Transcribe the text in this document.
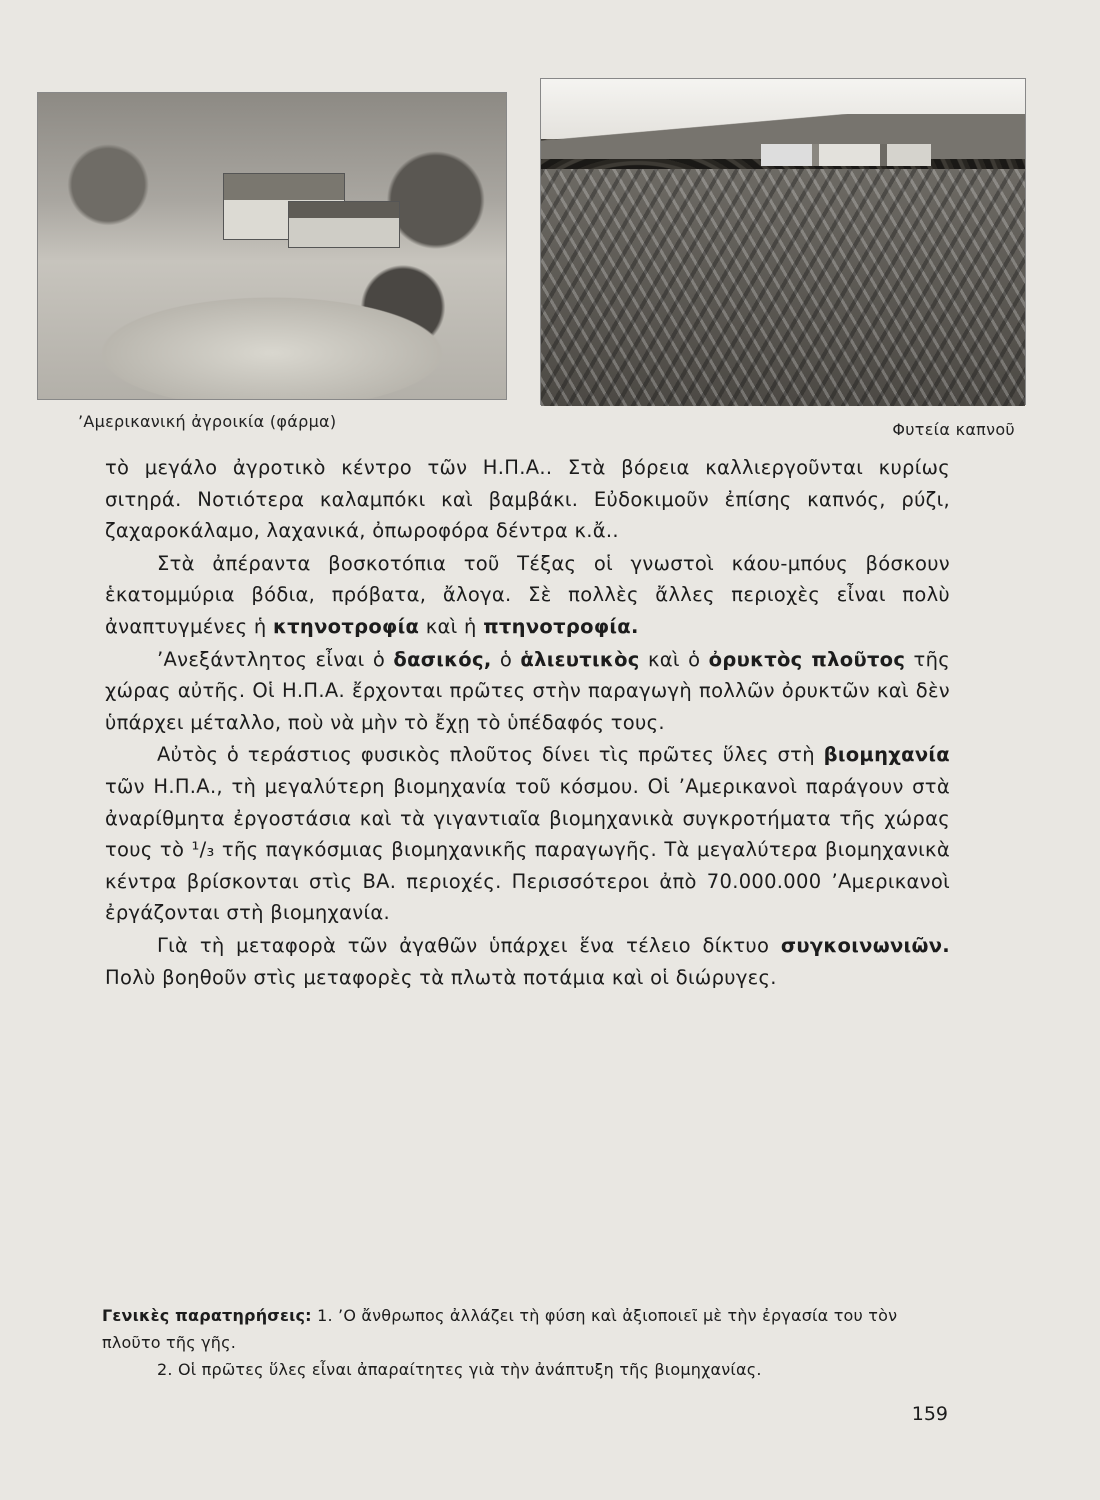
’Αμερικανική ἀγροικία (φάρμα)	Φυτεία καπνοῦ

τὸ μεγάλο ἀγροτικὸ κέντρο τῶν Η.Π.Α.. Στὰ βόρεια καλλιεργοῦνται κυρίως σιτηρά. Νοτιότερα καλαμπόκι καὶ βαμβάκι. Εὐδοκιμοῦν ἐπίσης καπνός, ρύζι, ζαχαροκάλαμο, λαχανικά, ὀπωροφόρα δέντρα κ.ἄ..

Στὰ ἀπέραντα βοσκοτόπια τοῦ Τέξας οἱ γνωστοὶ κάου-μπόυς βόσκουν ἑκατομμύρια βόδια, πρόβατα, ἄλογα. Σὲ πολλὲς ἄλλες περιοχὲς εἶναι πολὺ ἀναπτυγμένες ἡ κτηνοτροφία καὶ ἡ πτηνοτροφία.

’Ανεξάντλητος εἶναι ὁ δασικός, ὁ ἁλιευτικὸς καὶ ὁ ὀρυκτὸς πλοῦτος τῆς χώρας αὐτῆς. Οἱ Η.Π.Α. ἔρχονται πρῶτες στὴν παραγωγὴ πολλῶν ὀρυκτῶν καὶ δὲν ὑπάρχει μέταλλο, ποὺ νὰ μὴν τὸ ἔχῃ τὸ ὑπέδαφός τους.

Αὐτὸς ὁ τεράστιος φυσικὸς πλοῦτος δίνει τὶς πρῶτες ὕλες στὴ βιομηχανία τῶν Η.Π.Α., τὴ μεγαλύτερη βιομηχανία τοῦ κόσμου. Οἱ ’Αμερικανοὶ παράγουν στὰ ἀναρίθμητα ἐργοστάσια καὶ τὰ γιγαντιαῖα βιομηχανικὰ συγκροτήματα τῆς χώρας τους τὸ ¹/₃ τῆς παγκόσμιας βιομηχανικῆς παραγωγῆς. Τὰ μεγαλύτερα βιομηχανικὰ κέντρα βρίσκονται στὶς ΒΑ. περιοχές. Περισσότεροι ἀπὸ 70.000.000 ’Αμερικανοὶ ἐργάζονται στὴ βιομηχανία.

Γιὰ τὴ μεταφορὰ τῶν ἀγαθῶν ὑπάρχει ἕνα τέλειο δίκτυο συγκοινωνιῶν. Πολὺ βοηθοῦν στὶς μεταφορὲς τὰ πλωτὰ ποτάμια καὶ οἱ διώρυγες.

Γενικὲς παρατηρήσεις: 1. ’Ο ἄνθρωπος ἀλλάζει τὴ φύση καὶ ἀξιοποιεῖ μὲ τὴν ἐργασία του τὸν πλοῦτο τῆς γῆς.

2. Οἱ πρῶτες ὕλες εἶναι ἀπαραίτητες γιὰ τὴν ἀνάπτυξη τῆς βιομηχανίας.

159
